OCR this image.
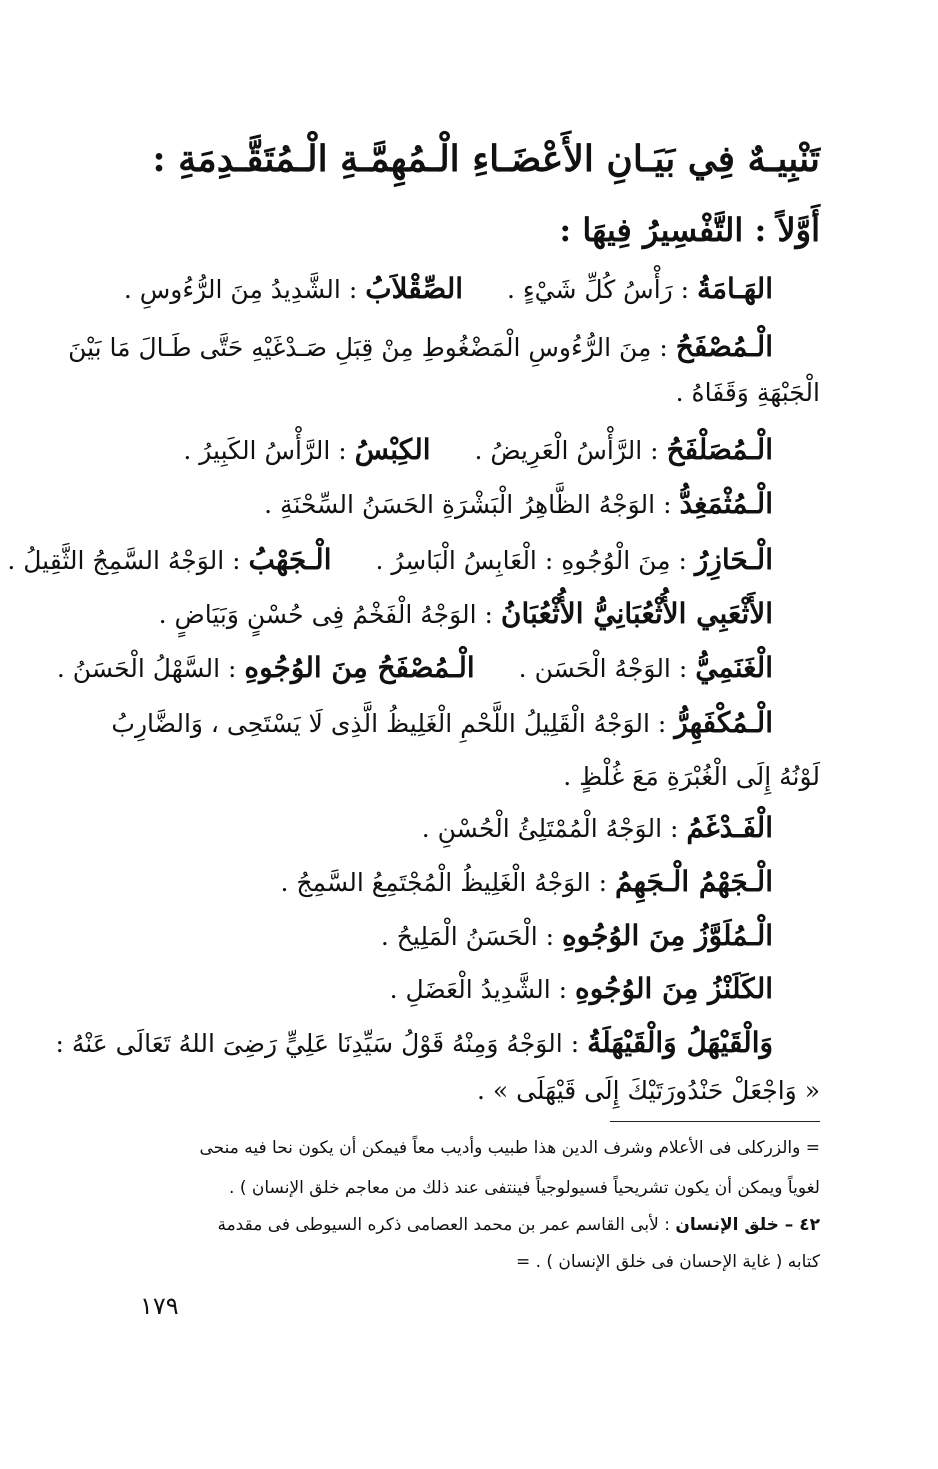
تَنْبِيـهٌ فِي بَيَـانِ الأَعْضَـاءِ الْـمُهِمَّـةِ الْـمُتَقَّـدِمَةِ :
أَوَّلاً : التَّفْسِيرُ فِيهَا :
الهَـامَةُ : رَأْسُ كُلِّ شَيْءٍ .الصِّقْلاَبُ : الشَّدِيدُ مِنَ الرُّءُوسِ .
الْـمُصْفَحُ : مِنَ الرُّءُوسِ الْمَضْغُوطِ مِنْ قِبَلِ صَـدْغَيْهِ حَتَّى طَـالَ مَا بَيْنَ
الْجَبْهَةِ وَقَفَاهُ .
الْـمُصَلْفَحُ : الرَّأْسُ الْعَرِيضُ .الكِبْسُ : الرَّأْسُ الكَبِيرُ .
الْـمُثْمَغِدُّ : الوَجْهُ الظَّاهِرُ الْبَشْرَةِ الحَسَنُ السِّحْنَةِ .
الْـحَازِرُ : مِنَ الْوُجُوهِ : الْعَابِسُ الْبَاسِرُ .الْـجَهْبُ : الوَجْهُ السَّمِجُ الثَّقِيلُ .
الأَثْعَبِي الأُثْعُبَانِيُّ الأُثْعُبَانُ : الوَجْهُ الْفَخْمُ فِى حُسْنٍ وَبَيَاضٍ .
الْغَنَمِيُّ : الوَجْهُ الْحَسَن .الْـمُصْفَحُ مِنَ الوُجُوهِ : السَّهْلُ الْحَسَنُ .
الْـمُكْفَهِرُّ : الوَجْهُ الْقَلِيلُ اللَّحْمِ الْغَلِيظُ الَّذِى لَا يَسْتَحِى ، وَالضَّارِبُ
لَوْنُهُ إِلَى الْغُبْرَةِ مَعَ غُلْظٍ .
الْفَـدْغَمُ : الوَجْهُ الْمُمْتَلِئُ الْحُسْنِ .
الْـجَهْمُ الْـجَهِمُ : الوَجْهُ الْغَلِيظُ الْمُجْتَمِعُ السَّمِجُ .
الْـمُلَوَّزُ مِنَ الوُجُوهِ : الْحَسَنُ الْمَلِيحُ .
الكَلَنْزُ مِنَ الوُجُوهِ : الشَّدِيدُ الْعَضَلِ .
وَالْقَيْهَلُ وَالْقَيْهَلَةُ : الوَجْهُ وَمِنْهُ قَوْلُ سَيِّدِنَا عَلِيٍّ رَضِىَ اللهُ تَعَالَى عَنْهُ :
« وَاجْعَلْ حَنْدُورَتَيْكَ إِلَى قَيْهَلَى » .
= والزركلى فى الأعلام وشرف الدين هذا طبيب وأديب معاً فيمكن أن يكون نحا فيه منحى
لغوياً ويمكن أن يكون تشريحياً فسيولوجياً فينتفى عند ذلك من معاجم خلق الإنسان ) .
٤٢ – خلق الإنسان : لأبى القاسم عمر بن محمد العصامى ذكره السيوطى فى مقدمة
كتابه ( غاية الإحسان فى خلق الإنسان ) . =
١٧٩
